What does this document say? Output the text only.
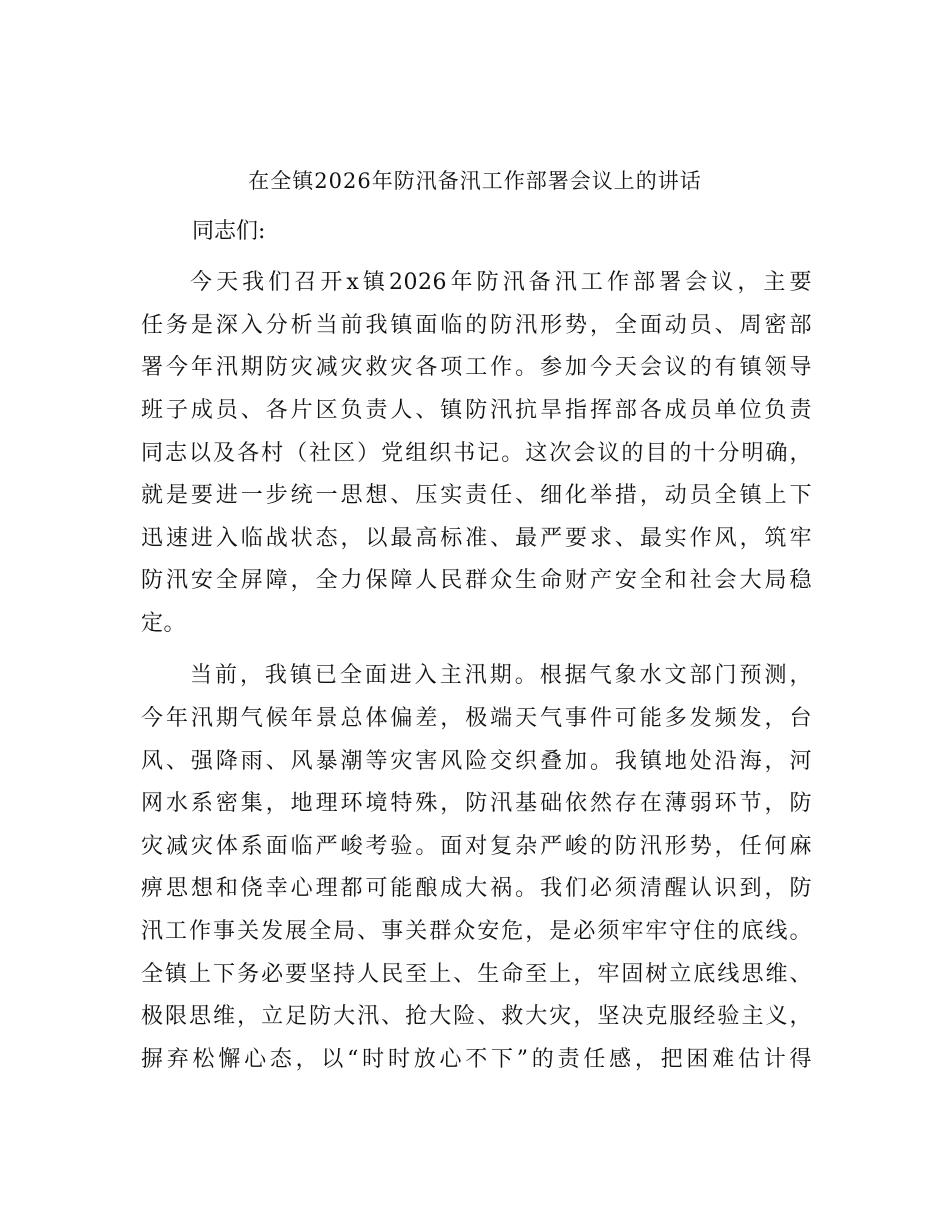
在全镇2026年防汛备汛工作部署会议上的讲话
同志们:
今天我们召开x镇2026年防汛备汛工作部署会议，主要
任务是深入分析当前我镇面临的防汛形势，全面动员、周密部
署今年汛期防灾减灾救灾各项工作。参加今天会议的有镇领导
班子成员、各片区负责人、镇防汛抗旱指挥部各成员单位负责
同志以及各村（社区）党组织书记。这次会议的目的十分明确，
就是要进一步统一思想、压实责任、细化举措，动员全镇上下
迅速进入临战状态，以最高标准、最严要求、最实作风，筑牢
防汛安全屏障，全力保障人民群众生命财产安全和社会大局稳
定。
当前，我镇已全面进入主汛期。根据气象水文部门预测，
今年汛期气候年景总体偏差，极端天气事件可能多发频发，台
风、强降雨、风暴潮等灾害风险交织叠加。我镇地处沿海，河
网水系密集，地理环境特殊，防汛基础依然存在薄弱环节，防
灾减灾体系面临严峻考验。面对复杂严峻的防汛形势，任何麻
痹思想和侥幸心理都可能酿成大祸。我们必须清醒认识到，防
汛工作事关发展全局、事关群众安危，是必须牢牢守住的底线。
全镇上下务必要坚持人民至上、生命至上，牢固树立底线思维、
极限思维，立足防大汛、抢大险、救大灾，坚决克服经验主义，
摒弃松懈心态，以“时时放心不下”的责任感，把困难估计得
